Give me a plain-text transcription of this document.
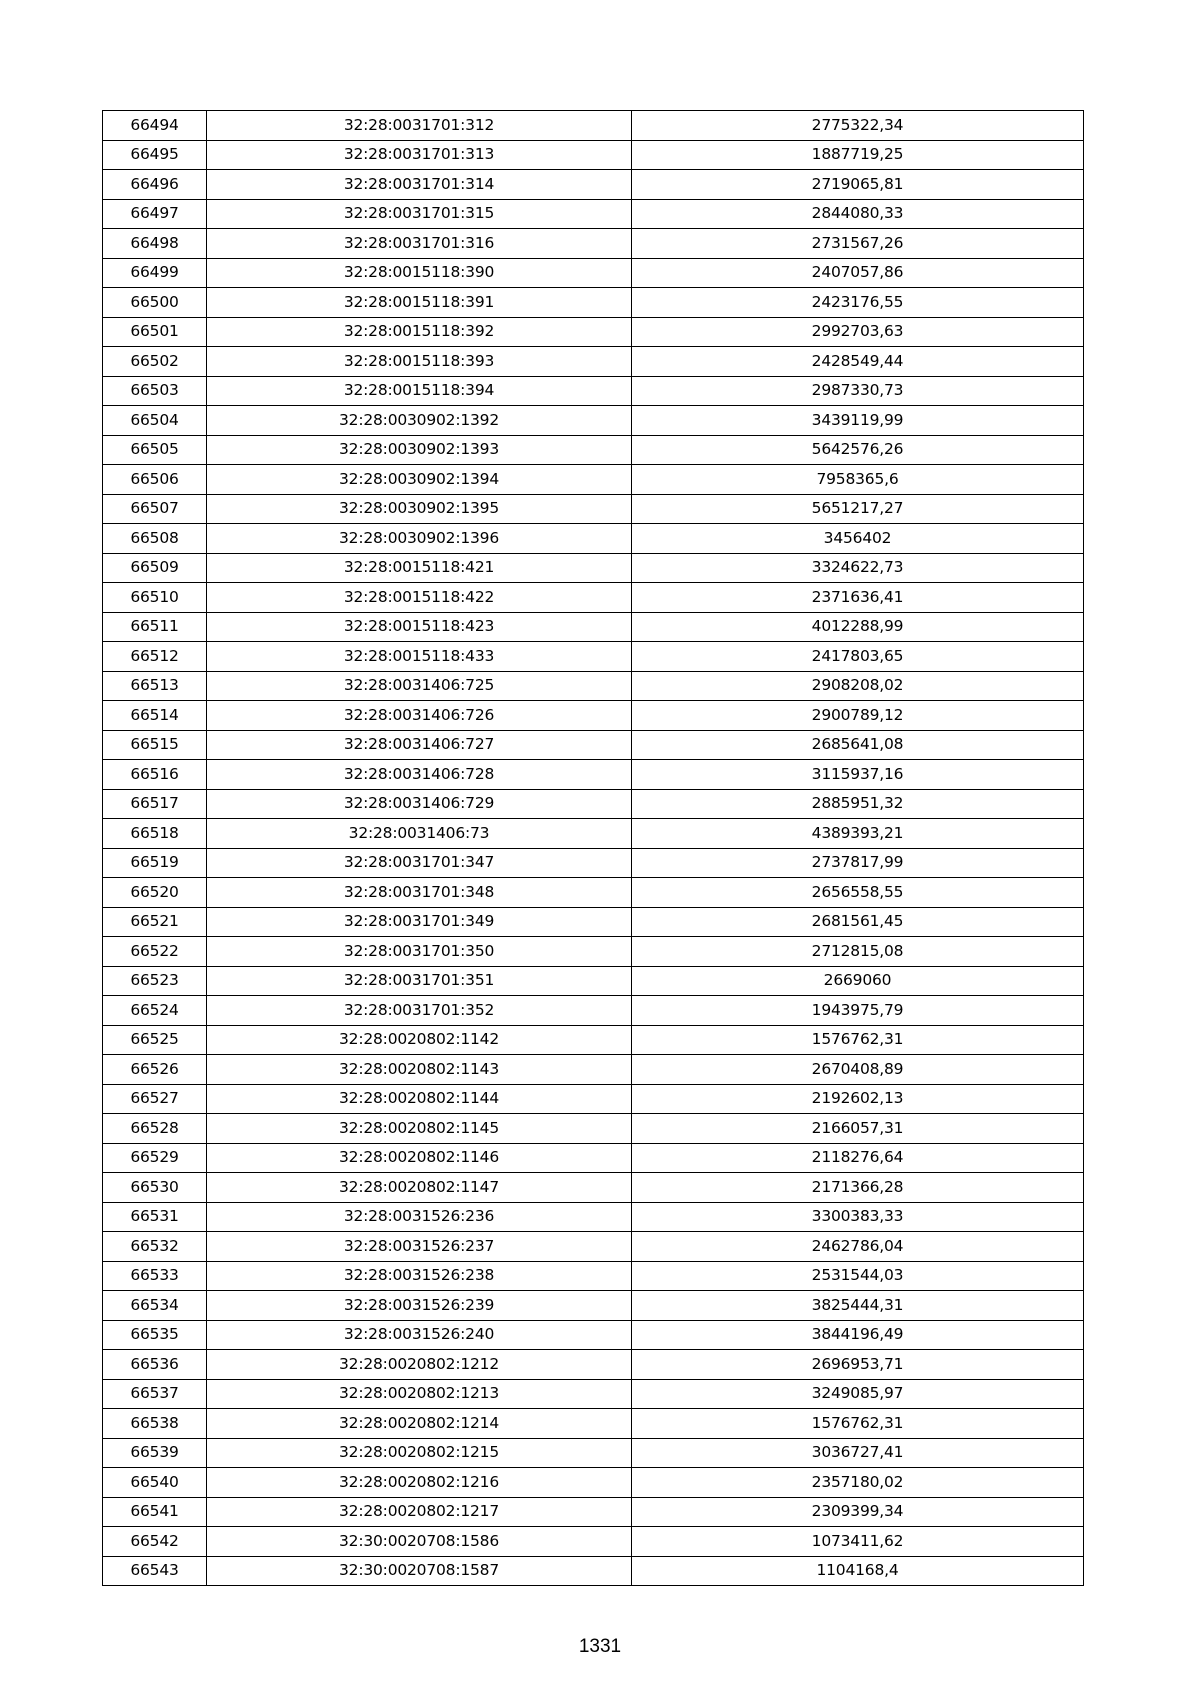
66494	32:28:0031701:312	2775322,34
66495	32:28:0031701:313	1887719,25
66496	32:28:0031701:314	2719065,81
66497	32:28:0031701:315	2844080,33
66498	32:28:0031701:316	2731567,26
66499	32:28:0015118:390	2407057,86
66500	32:28:0015118:391	2423176,55
66501	32:28:0015118:392	2992703,63
66502	32:28:0015118:393	2428549,44
66503	32:28:0015118:394	2987330,73
66504	32:28:0030902:1392	3439119,99
66505	32:28:0030902:1393	5642576,26
66506	32:28:0030902:1394	7958365,6
66507	32:28:0030902:1395	5651217,27
66508	32:28:0030902:1396	3456402
66509	32:28:0015118:421	3324622,73
66510	32:28:0015118:422	2371636,41
66511	32:28:0015118:423	4012288,99
66512	32:28:0015118:433	2417803,65
66513	32:28:0031406:725	2908208,02
66514	32:28:0031406:726	2900789,12
66515	32:28:0031406:727	2685641,08
66516	32:28:0031406:728	3115937,16
66517	32:28:0031406:729	2885951,32
66518	32:28:0031406:73	4389393,21
66519	32:28:0031701:347	2737817,99
66520	32:28:0031701:348	2656558,55
66521	32:28:0031701:349	2681561,45
66522	32:28:0031701:350	2712815,08
66523	32:28:0031701:351	2669060
66524	32:28:0031701:352	1943975,79
66525	32:28:0020802:1142	1576762,31
66526	32:28:0020802:1143	2670408,89
66527	32:28:0020802:1144	2192602,13
66528	32:28:0020802:1145	2166057,31
66529	32:28:0020802:1146	2118276,64
66530	32:28:0020802:1147	2171366,28
66531	32:28:0031526:236	3300383,33
66532	32:28:0031526:237	2462786,04
66533	32:28:0031526:238	2531544,03
66534	32:28:0031526:239	3825444,31
66535	32:28:0031526:240	3844196,49
66536	32:28:0020802:1212	2696953,71
66537	32:28:0020802:1213	3249085,97
66538	32:28:0020802:1214	1576762,31
66539	32:28:0020802:1215	3036727,41
66540	32:28:0020802:1216	2357180,02
66541	32:28:0020802:1217	2309399,34
66542	32:30:0020708:1586	1073411,62
66543	32:30:0020708:1587	1104168,4
1331
